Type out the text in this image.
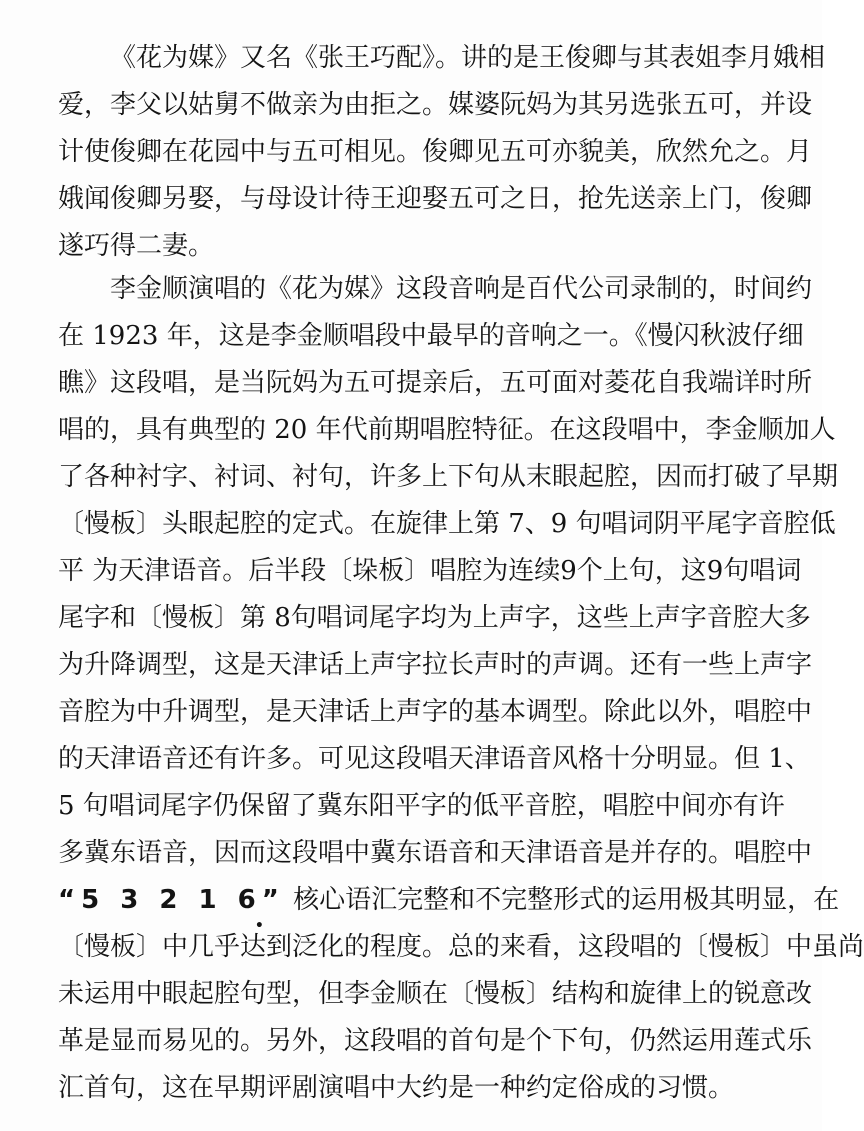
《花为媒》又名《张王巧配》。讲的是王俊卿与其表姐李月娥相
爱，李父以姑舅不做亲为由拒之。媒婆阮妈为其另选张五可，并设
计使俊卿在花园中与五可相见。俊卿见五可亦貌美，欣然允之。月
娥闻俊卿另娶，与母设计待王迎娶五可之日，抢先送亲上门，俊卿
遂巧得二妻。
李金顺演唱的《花为媒》这段音响是百代公司录制的，时间约
在 1923 年，这是李金顺唱段中最早的音响之一。《慢闪秋波仔细
瞧》这段唱，是当阮妈为五可提亲后，五可面对菱花自我端详时所
唱的，具有典型的 20 年代前期唱腔特征。在这段唱中，李金顺加人
了各种衬字、衬词、衬句，许多上下句从末眼起腔，因而打破了早期
〔慢板〕头眼起腔的定式。在旋律上第 7、9 句唱词阴平尾字音腔低
平 为天津语音。后半段〔垛板〕唱腔为连续9个上句，这9句唱词
尾字和〔慢板〕第 8句唱词尾字均为上声字，这些上声字音腔大多
为升降调型，这是天津话上声字拉长声时的声调。还有一些上声字
音腔为中升调型，是天津话上声字的基本调型。除此以外，唱腔中
的天津语音还有许多。可见这段唱天津语音风格十分明显。但 1、
5 句唱词尾字仍保留了冀东阳平字的低平音腔，唱腔中间亦有许
多冀东语音，因而这段唱中冀东语音和天津语音是并存的。唱腔中
“5 3 2 1 6”
•
核心语汇完整和不完整形式的运用极其明显，在
〔慢板〕中几乎达到泛化的程度。总的来看，这段唱的〔慢板〕中虽尚
未运用中眼起腔句型，但李金顺在〔慢板〕结构和旋律上的锐意改
革是显而易见的。另外，这段唱的首句是个下句，仍然运用莲式乐
汇首句，这在早期评剧演唱中大约是一种约定俗成的习惯。
